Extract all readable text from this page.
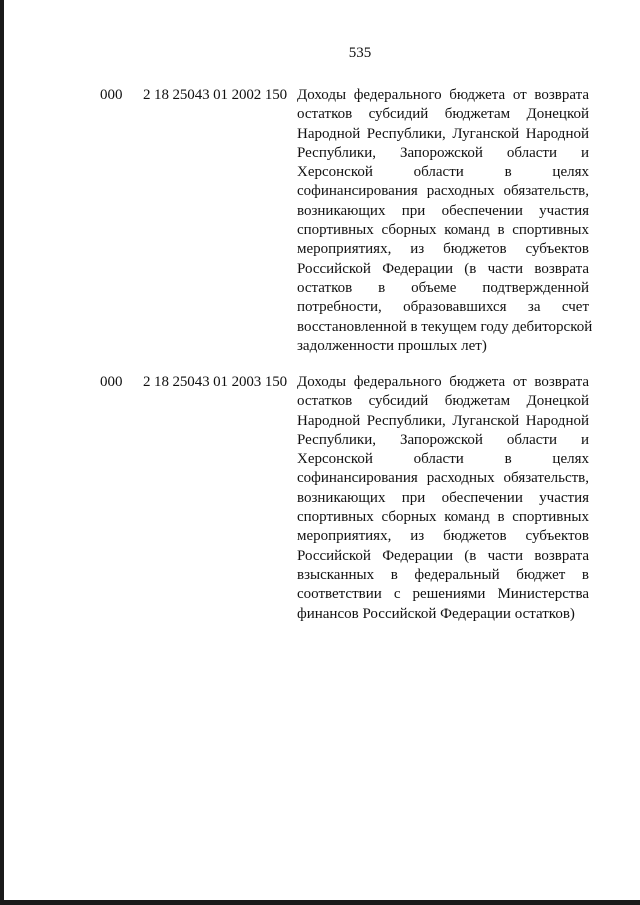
535
000 2 18 25043 01 2002 150 Доходы федерального бюджета от возврата
остатков субсидий бюджетам Донецкой
Народной Республики, Луганской Народной
Республики, Запорожской области и
Херсонской области в целях
софинансирования расходных обязательств,
возникающих при обеспечении участия
спортивных сборных команд в спортивных
мероприятиях, из бюджетов субъектов
Российской Федерации (в части возврата
остатков в объеме подтвержденной
потребности, образовавшихся за счет
восстановленной в текущем году дебиторской
задолженности прошлых лет)
000 2 18 25043 01 2003 150 Доходы федерального бюджета от возврата
остатков субсидий бюджетам Донецкой
Народной Республики, Луганской Народной
Республики, Запорожской области и
Херсонской области в целях
софинансирования расходных обязательств,
возникающих при обеспечении участия
спортивных сборных команд в спортивных
мероприятиях, из бюджетов субъектов
Российской Федерации (в части возврата
взысканных в федеральный бюджет в
соответствии с решениями Министерства
финансов Российской Федерации остатков)
